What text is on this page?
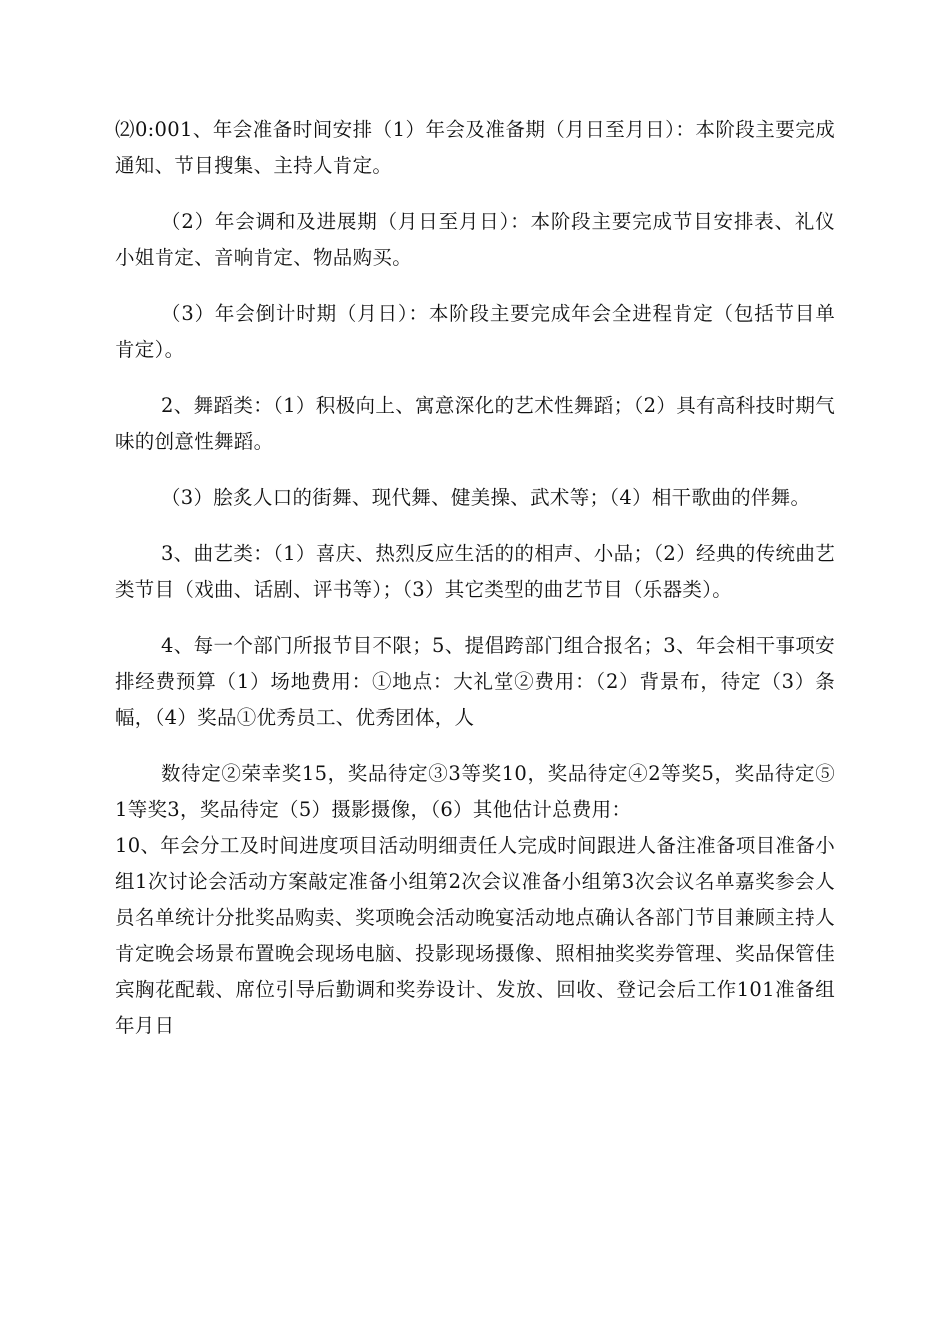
⑵0:001、年会准备时间安排（1）年会及准备期（月日至月日）：本阶段主要完成通知、节目搜集、主持人肯定。

（2）年会调和及进展期（月日至月日）：本阶段主要完成节目安排表、礼仪小姐肯定、音响肯定、物品购买。

（3）年会倒计时期（月日）：本阶段主要完成年会全进程肯定（包括节目单肯定）。

2、舞蹈类：（1）积极向上、寓意深化的艺术性舞蹈；（2）具有高科技时期气味的创意性舞蹈。

（3）脍炙人口的街舞、现代舞、健美操、武术等；（4）相干歌曲的伴舞。

3、曲艺类：（1）喜庆、热烈反应生活的的相声、小品；（2）经典的传统曲艺类节目（戏曲、话剧、评书等）；（3）其它类型的曲艺节目（乐器类）。

4、每一个部门所报节目不限；5、提倡跨部门组合报名；3、年会相干事项安排经费预算（1）场地费用：①地点：大礼堂②费用：（2）背景布，待定（3）条幅，（4）奖品①优秀员工、优秀团体，人

数待定②荣幸奖15，奖品待定③3等奖10，奖品待定④2等奖5，奖品待定⑤1等奖3，奖品待定（5）摄影摄像，（6）其他估计总费用：

10、年会分工及时间进度项目活动明细责任人完成时间跟进人备注准备项目准备小组1次讨论会活动方案敲定准备小组第2次会议准备小组第3次会议名单嘉奖参会人员名单统计分批奖品购卖、奖项晚会活动晚宴活动地点确认各部门节目兼顾主持人肯定晚会场景布置晚会现场电脑、投影现场摄像、照相抽奖奖券管理、奖品保管佳宾胸花配载、席位引导后勤调和奖券设计、发放、回收、登记会后工作101准备组年月日
